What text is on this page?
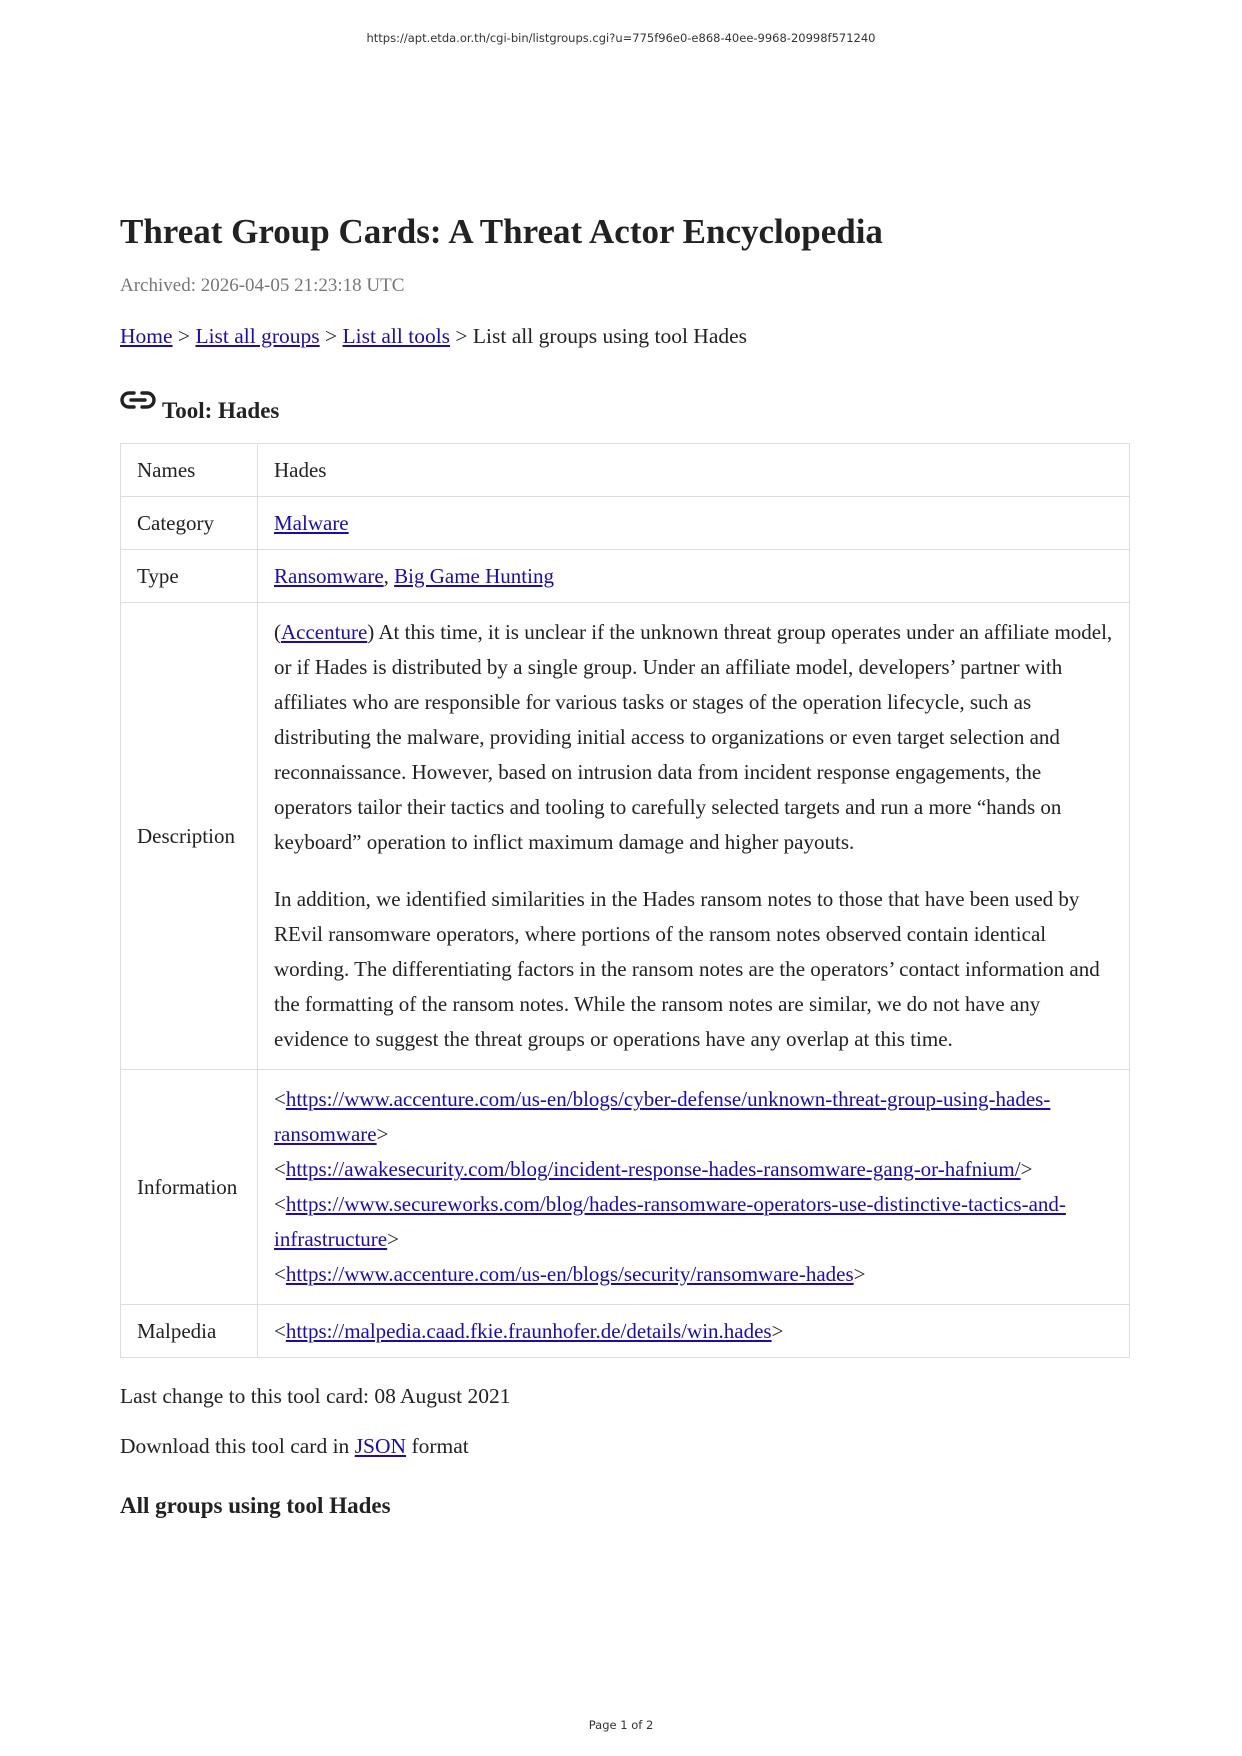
https://apt.etda.or.th/cgi-bin/listgroups.cgi?u=775f96e0-e868-40ee-9968-20998f571240
Threat Group Cards: A Threat Actor Encyclopedia
Archived: 2026-04-05 21:23:18 UTC
Home > List all groups > List all tools > List all groups using tool Hades
Tool: Hades
Names	Hades
Category	Malware
Type	Ransomware, Big Game Hunting
Description	(Accenture) At this time, it is unclear if the unknown threat group operates under an affiliate model, or if Hades is distributed by a single group. Under an affiliate model, developers’ partner with affiliates who are responsible for various tasks or stages of the operation lifecycle, such as distributing the malware, providing initial access to organizations or even target selection and reconnaissance. However, based on intrusion data from incident response engagements, the operators tailor their tactics and tooling to carefully selected targets and run a more “hands on keyboard” operation to inflict maximum damage and higher payouts.

In addition, we identified similarities in the Hades ransom notes to those that have been used by REvil ransomware operators, where portions of the ransom notes observed contain identical wording. The differentiating factors in the ransom notes are the operators’ contact information and the formatting of the ransom notes. While the ransom notes are similar, we do not have any evidence to suggest the threat groups or operations have any overlap at this time.

Information	<https://www.accenture.com/us-en/blogs/cyber-defense/unknown-threat-group-using-hades-ransomware>
<https://awakesecurity.com/blog/incident-response-hades-ransomware-gang-or-hafnium/>
<https://www.secureworks.com/blog/hades-ransomware-operators-use-distinctive-tactics-and-infrastructure>
<https://www.accenture.com/us-en/blogs/security/ransomware-hades>

Malpedia	<https://malpedia.caad.fkie.fraunhofer.de/details/win.hades>
Last change to this tool card: 08 August 2021
Download this tool card in JSON format
All groups using tool Hades
Page 1 of 2
